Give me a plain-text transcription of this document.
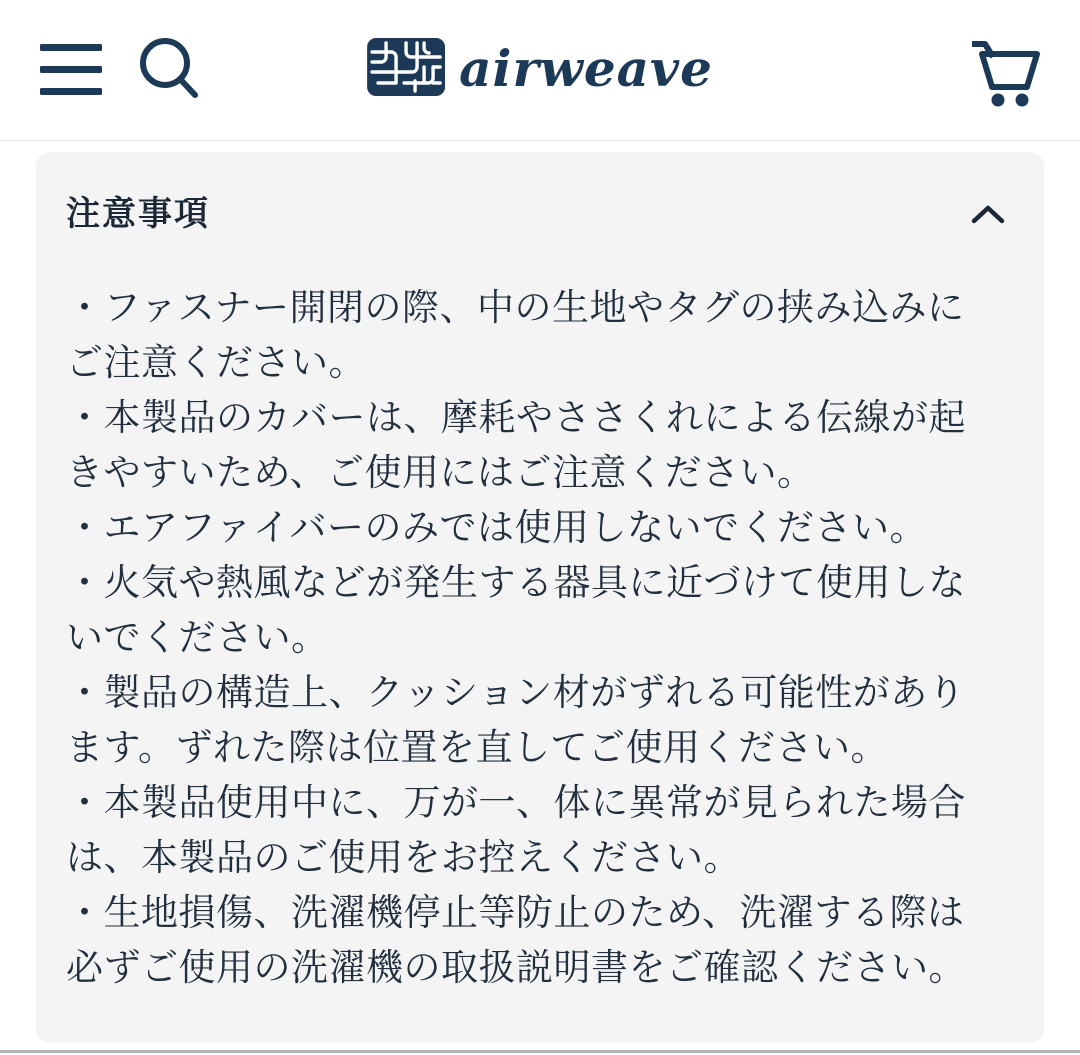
airweave
注意事項

・ファスナー開閉の際、中の生地やタグの挟み込みにご注意ください。

・本製品のカバーは、摩耗やささくれによる伝線が起きやすいため、ご使用にはご注意ください。

・エアファイバーのみでは使用しないでください。

・火気や熱風などが発生する器具に近づけて使用しないでください。

・製品の構造上、クッション材がずれる可能性があります。ずれた際は位置を直してご使用ください。

・本製品使用中に、万が一、体に異常が見られた場合は、本製品のご使用をお控えください。

・生地損傷、洗濯機停止等防止のため、洗濯する際は必ずご使用の洗濯機の取扱説明書をご確認ください。
